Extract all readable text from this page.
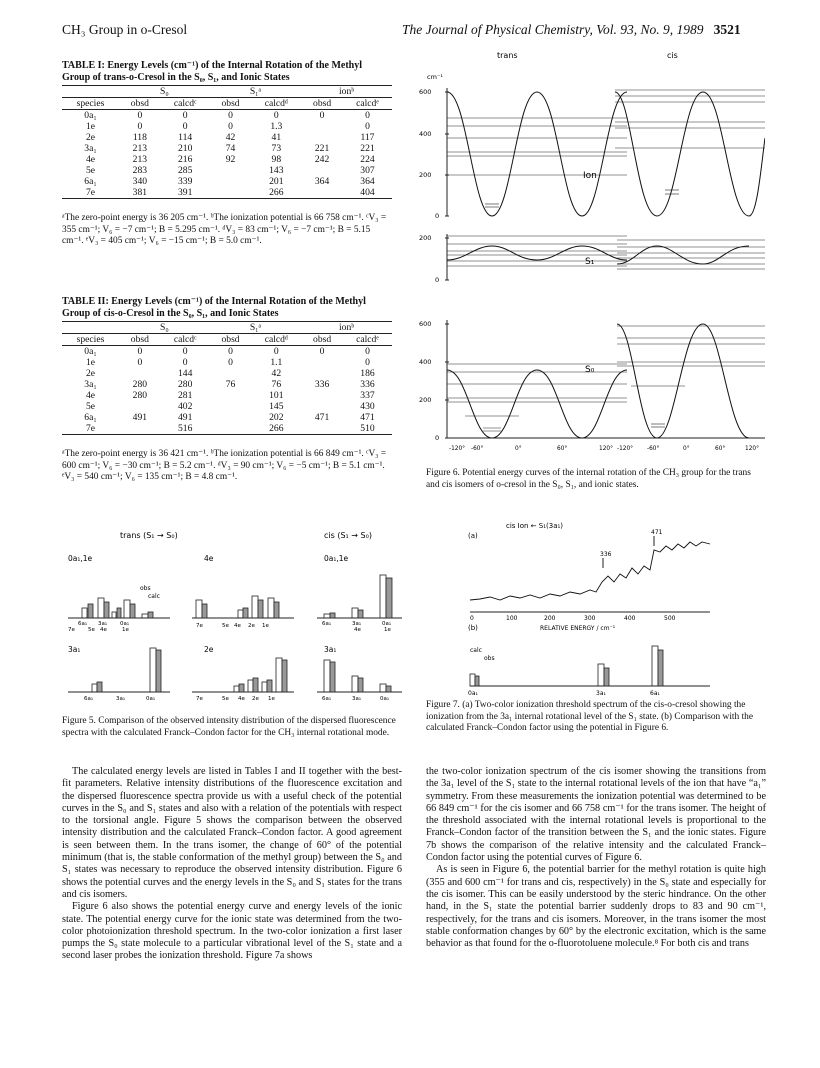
CH₃ Group in o-Cresol	The Journal of Physical Chemistry, Vol. 93, No. 9, 1989 3521
TABLE I: Energy Levels (cm⁻¹) of the Internal Rotation of the Methyl Group of trans-o-Cresol in the S₀, S₁, and Ionic States
	S₀		S₁ᵃ		ionᵇ	
species	obsd	calcdᶜ	obsd	calcdᵈ	obsd	calcdᵉ
0a₁	0	0	0	0	0	0
1e	0	0	0	1.3		0
2e	118	114	42	41		117
3a₁	213	210	74	73	221	221
4e	213	216	92	98	242	224
5e	283	285		143		307
6a₁	340	339		201	364	364
7e	381	391		266		404
ᵃThe zero-point energy is 36 205 cm⁻¹. ᵇThe ionization potential is 66 758 cm⁻¹. ᶜV₃ = 355 cm⁻¹; V₆ = −7 cm⁻¹; B = 5.295 cm⁻¹. ᵈV₃ = 83 cm⁻¹; V₆ = −7 cm⁻¹; B = 5.15 cm⁻¹. ᵉV₃ = 405 cm⁻¹; V₆ = −15 cm⁻¹; B = 5.0 cm⁻¹.
TABLE II: Energy Levels (cm⁻¹) of the Internal Rotation of the Methyl Group of cis-o-Cresol in the S₀, S₁, and Ionic States
	S₀		S₁ᵃ		ionᵇ	
species	obsd	calcdᶜ	obsd	calcdᵈ	obsd	calcdᵉ
0a₁	0	0	0	0	0	0
1e	0	0	0	1.1		0
2e		144		42		186
3a₁	280	280	76	76	336	336
4e	280	281		101		337
5e		402		145		430
6a₁	491	491		202	471	471
7e		516		266		510
ᵃThe zero-point energy is 36 421 cm⁻¹. ᵇThe ionization potential is 66 849 cm⁻¹. ᶜV₃ = 600 cm⁻¹; V₆ = −30 cm⁻¹; B = 5.2 cm⁻¹. ᵈV₃ = 90 cm⁻¹; V₆ = −5 cm⁻¹; B = 5.1 cm⁻¹. ᵉV₃ = 540 cm⁻¹; V₆ = 135 cm⁻¹; B = 4.8 cm⁻¹.
trans (S₁ → S₀)	cis (S₁ → S₀)
0a₁,1e	4e	0a₁,1e
obs
calc
6a₁ 3a₁ 0a₁ 7e 5e 4e	1e
7e	5e 4e 2e 1e	6a₁	3a₁	0a₁ 4e	1e
3a₁	2e	3a₁
6a₁	3a₁	0a₁	7e	5e 4e 2e 1e	6a₁	3a₁	0a₁
Figure 5. Comparison of the observed intensity distribution of the dispersed fluorescence spectra with the calculated Franck–Condon factor for the CH₃ internal rotational mode.

The calculated energy levels are listed in Tables I and II together with the best-fit parameters. Relative intensity distributions of the fluorescence excitation and the dispersed fluorescence spectra provide us with a useful check of the potential curves in the S₀ and S₁ states and also with a relation of the potentials with respect to the torsional angle. Figure 5 shows the comparison between the observed intensity distribution and the calculated Franck–Condon factor. A good agreement is seen between them. In the trans isomer, the change of 60° of the potential minimum (that is, the stable conformation of the methyl group) between the S₀ and S₁ states was necessary to reproduce the observed intensity distribution. Figure 6 shows the potential curves and the energy levels in the S₀ and S₁ states for the trans and cis isomers.

Figure 6 also shows the potential energy curve and energy levels of the ionic state. The potential energy curve for the ionic state was determined from the two-color photoionization threshold spectrum. In the two-color ionization a first laser pumps the S₀ state molecule to a particular vibrational level of the S₁ state and a second laser probes the ionization threshold. Figure 7a shows

trans	cis
cm⁻¹
600 400 2000
Ion
2000
S₁
600 400 2000
S₀
-120° -60°	0°	60°	120° -120° -60°	0°	60°	120°
Figure 6. Potential energy curves of the internal rotation of the CH₃ group for the trans and cis isomers of o-cresol in the S₀, S₁, and ionic states.
cis Ion ← S₁(3a₁)
(a)	471
336
0	100	200	300	400	500
(b)	RELATIVE ENERGY / cm⁻¹
calc
obs
0a₁	3a₁	6a₁
Figure 7. (a) Two-color ionization threshold spectrum of the cis-o-cresol showing the ionization from the 3a₁ internal rotational level of the S₁ state. (b) Comparison with the calculated Franck–Condon factor using the potential in Figure 6.

the two-color ionization spectrum of the cis isomer showing the transitions from the 3a₁ level of the S₁ state to the internal rotational levels of the ion that have “a₁” symmetry. From these measurements the ionization potential was determined to be 66 849 cm⁻¹ for the cis isomer and 66 758 cm⁻¹ for the trans isomer. The height of the threshold associated with the internal rotational levels is proportional to the Franck–Condon factor of the transition between the S₁ and the ionic states. Figure 7b shows the comparison of the relative intensity and the calculated Franck–Condon factor using the potential curves of Figure 6.

As is seen in Figure 6, the potential barrier for the methyl rotation is quite high (355 and 600 cm⁻¹ for trans and cis, respectively) in the S₀ state and especially for the cis isomer. This can be easily understood by the steric hindrance. On the other hand, in the S₁ state the potential barrier suddenly drops to 83 and 90 cm⁻¹, respectively, for the trans and cis isomers. Moreover, in the trans isomer the most stable conformation changes by 60° by the electronic excitation, which is the same behavior as that found for the o-fluorotoluene molecule.⁸ For both cis and trans
